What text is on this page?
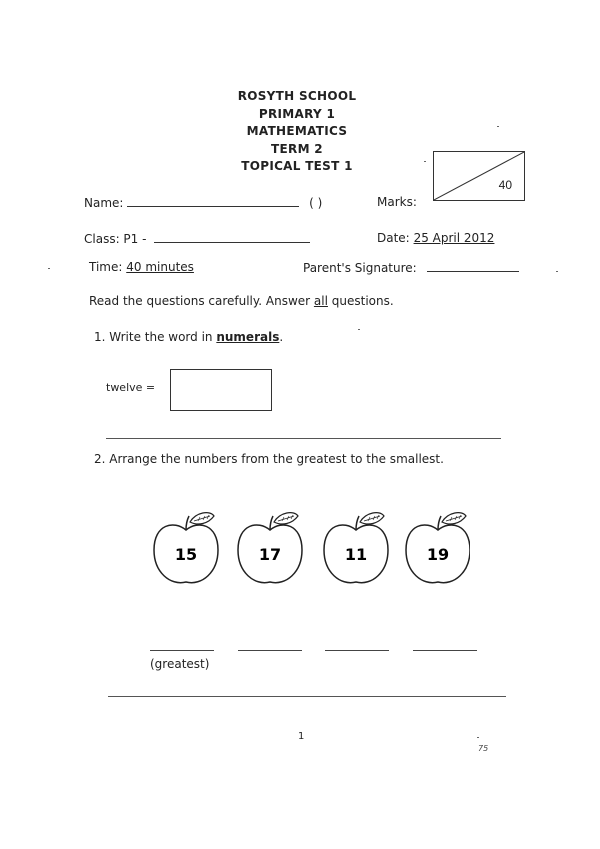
ROSYTH SCHOOL
PRIMARY 1
MATHEMATICS
TERM 2
TOPICAL TEST 1
40
Name:	( )	Marks:
Class: P1 -	Date: 25 April 2012
Time: 40 minutes	Parent's Signature:
Read the questions carefully. Answer all questions.
1. Write the word in numerals.
twelve =
2. Arrange the numbers from the greatest to the smallest.
15	17	11	19
(greatest)
1
75
